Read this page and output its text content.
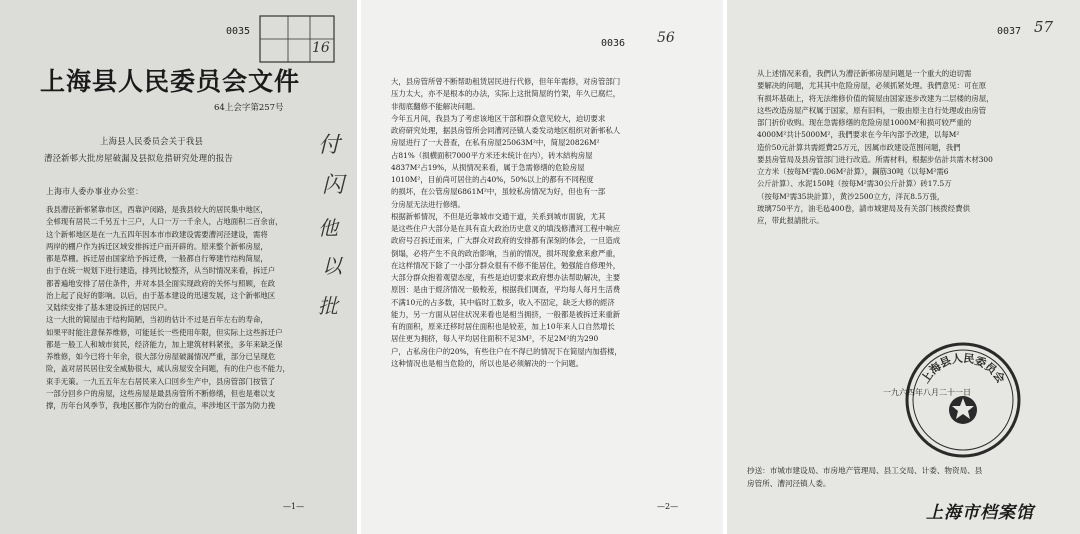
0035
16
付
闪
他
以
批
上海县人民委员会文件
64上会字第257号
上海县人民委员会关于我县
漕泾新邨大批房屋破漏及县拟危措研究处理的报告
上海市人委办事业办公室：
我县漕泾新邨紧靠市区，西靠沪闵路，是我县较大的居民集中地区，
全邨现有居民二千另五十三户，人口一万一千余人，占地面积二百余亩，
这个新邨地区是在一九五四年因本市市政建设需要漕河泾建设，需将
两岸的棚户作为拆迁区域安排拆迁户而开辟的。原来整个新邨房屋，
都是草棚。拆迁居由国家给予拆迁费，一般都自行筹建竹结构简屋，
由于在统一规划下进行建造，排列比较整齐，从当时情况来看，拆迁户
都普遍地安排了居住条件，并对本县全面实现政府的关怀与照顾，在政
治上起了良好的影响。以后，由于基本建设的迅速发展，这个新邨地区
又陆续安排了基本建设拆迁的居民户。
这一大批的简屋由于结构简陋，当初的估计不过是百年左右的寿命，
如果平时能注意保养维修，可能延长一些使用年限，但实际上这些拆迁户
都是一般工人和城市贫民，经济能力，加上建筑材料紧张，多年来缺乏保
养维修，如今已将十年余，很大部分房屋破漏情况严重，部分已呈现危
险，盖对居民居住安全威胁很大，咸认房屋安全问题，有的住户也不能力，
束手无策。一九五五年左右居民来入口回乡生产中，县房管部门按管了
一部分回乡户的房屋，这些房屋是最县房管所不断修缮，但也是难以支
撑，历年台风季节，我地区都作为防台的重点，率涉地区干部为防力挽
—1—
0036 56
大，县房管所曾不断帮助租赁居民进行代修，但年年需修，对房管部门
压力太大，亦不是根本的办法，实际上这批简屋的竹架，年久已腐烂，
非彻底翻修不能解决问题。
今年五月间，我县为了考虑该地区干部和群众意见较大，迫切要求
政府研究处理，据县房管所会同漕河泾镇人委发动地区组织对新邨私人
房屋进行了一大普查，在私有房屋25063M²中，简屋20826M²
占81%（损横面积7000平方米还未统计在内），砖木結构房屋
4837M²占19%，从损情况来看，属于急需修缮的危险房屋
1010M²，目前尚可居住的占40%，50%以上的都有不同程度
的损坏，在公管房屋6861M²中，虽较私房情况为好，但也有一部
分房屋无法进行修缮。
根据新邨情况，不但是近靠城市交通干道，关系到城市面貌，尤其
是这些住户大部分是在具有直大政治历史意义的填浅修漕河工程中响应
政府号召拆迁而来，广大群众对政府的安排都有深刻的体会，一旦造成
倒塌，必将产生不良的政治影响，当前的情况，损坏现象愈来愈严重，
在这样情况下除了一小部分群众很有不修不能居住，勉强能自修理外，
大部分群众抱着观望态度，有些是迫切要求政府想办法帮助解决，主要
原因：是由于經济情况一般較差，根据我们调查，平均每人每月生活费
不满10元的占多数，其中临时工数多，收入不固定，缺乏大修的經济
能力，另一方面从居住状况来看也是相当拥挤，一般都是被拆迁来重新
有的面积，原来迁移时居住面积也是较差，加上10年来人口自然增长
居住更为拥挤，每人平均居住面积不足3M²，不足2M²的为290
户，占私房住户的20%，有些住户在不得已的情况下在简屋内加搭楼，
这种情况也是相当危险的，所以也是必须解决的一个问题。
—2—
0037 57
从上述情况来看，我們认为漕泾新邨房屋问题是一个重大的迫切需
要解决的问题，尤其其中危险房屋，必须抓紧处理。我們意见：可在原
有损坏基础上，将无法维修价值的简屋由国家逐步改建为二层楼的房屋，
这些改造房屋产权属于国家，原有旧料，一般由原主自行处理或由房管
部门折价收购。现在急需修缮的危险房屋1000M²和损可较严重的
4000M²共计5000M²，我們要求在今年內部予改建，以每M²
造价50元計算共需經費25万元，因属市政建设范围问题，我們
要县房管局及县房管部门进行改造。所需材料，根据步估計共需木材300
立方米（按每M²需0.06M²計算），鋼筋30吨（以每M²需6
公斤計算）、水泥150吨（按每M²需30公斤計算）砖17.5万
（按每M²需35块計算），黄沙2500立方，洋瓦8.5万張，
玻璃750平方，油毛毡400卷，請市城建局及有关部门核拨经費供
应，带此报請批示。
上海县人民委员会
一九六四年八月二十一日
抄送：市城市建设局、市房地产管理局、县工交局、计委、物资局、县
房管所、漕河泾镇人委。
上海市档案馆
